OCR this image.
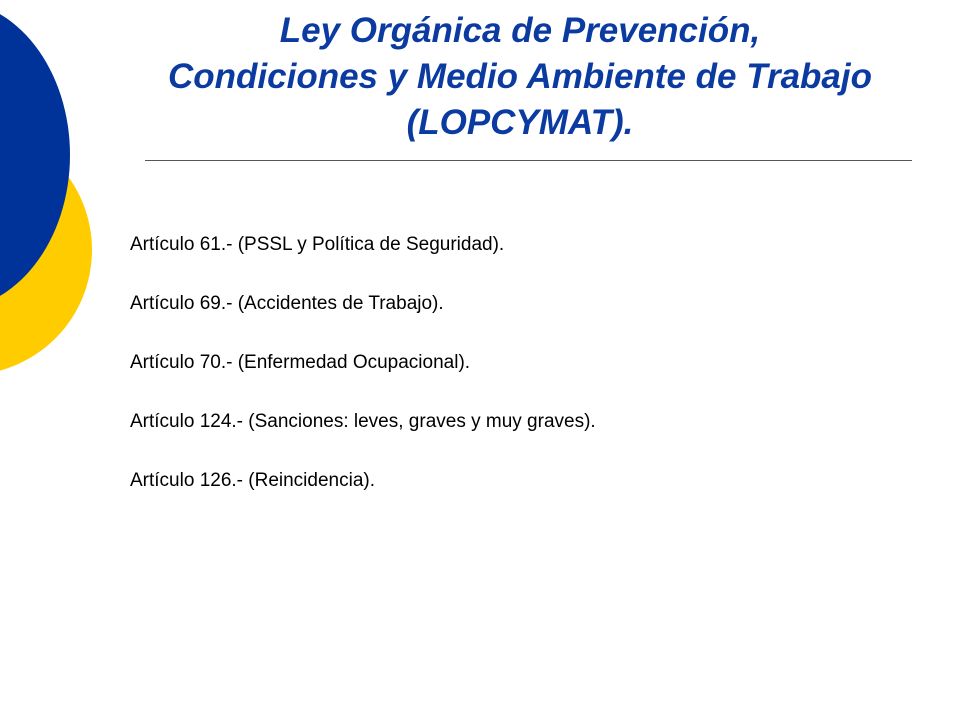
Ley Orgánica de Prevención,
Condiciones y Medio Ambiente de Trabajo
(LOPCYMAT).
Artículo 61.- (PSSL y Política de Seguridad).
Artículo 69.- (Accidentes de Trabajo).
Artículo 70.- (Enfermedad Ocupacional).
Artículo 124.- (Sanciones: leves, graves y muy graves).
Artículo 126.- (Reincidencia).
